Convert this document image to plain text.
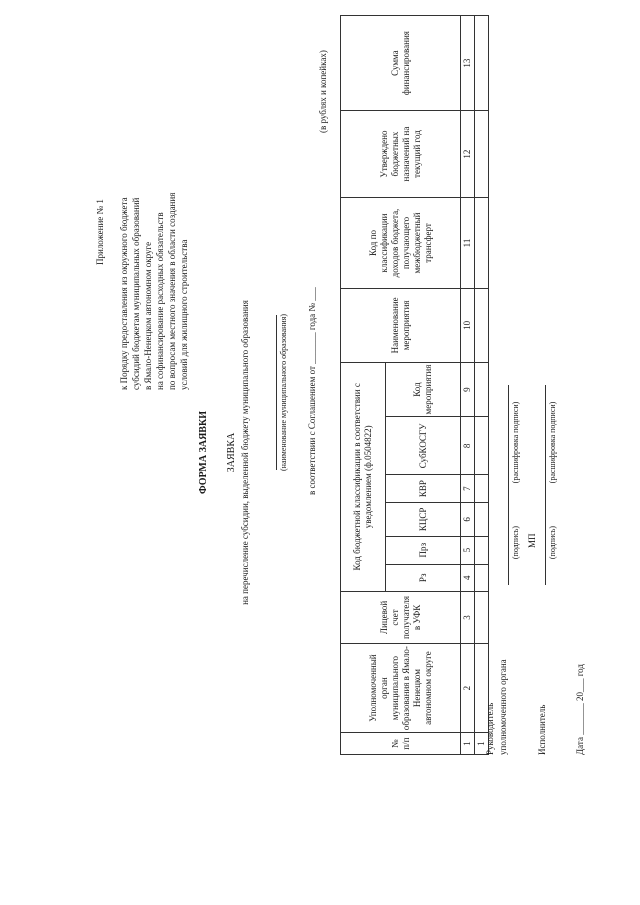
Приложение № 1 к Порядку предоставления из окружного бюджета субсидий бюджетам муниципальных образований в Ямало-Ненецком автономном округе на софинансирование расходных обязательств по вопросам местного значения в области создания условий для жилищного строительства
ФОРМА ЗАЯВКИ ЗАЯВКА на перечисление субсидии, выделенной бюджету муниципального образования	(наименование муниципального образования) в соответствии с Соглашением от _______ года № ___
(в рублях и копейках)
№ п/п	Уполномоченный орган муниципального образования в Ямало-Ненецком автономном округе	Лицевой счет получателя в УФК	Код бюджетной классификации в соответствии с уведомлением (ф.0504822)						Наименование мероприятия	Код по классификации доходов бюджета, получающего межбюджетный трансферт	Утверждено бюджетных назначений на текущий год	Сумма финансирования
			Рз	Прз	КЦСР	КВР	СубКОСГУ	Код мероприятия				
1	2	3	4	5	6	7	8	9	10	11	12	13
1												Руководитель уполномоченного органа
(подпись)
(расшифровка подписи)
МП
Исполнитель
(подпись)
(расшифровка подписи)
Дата _______ 20___ год
